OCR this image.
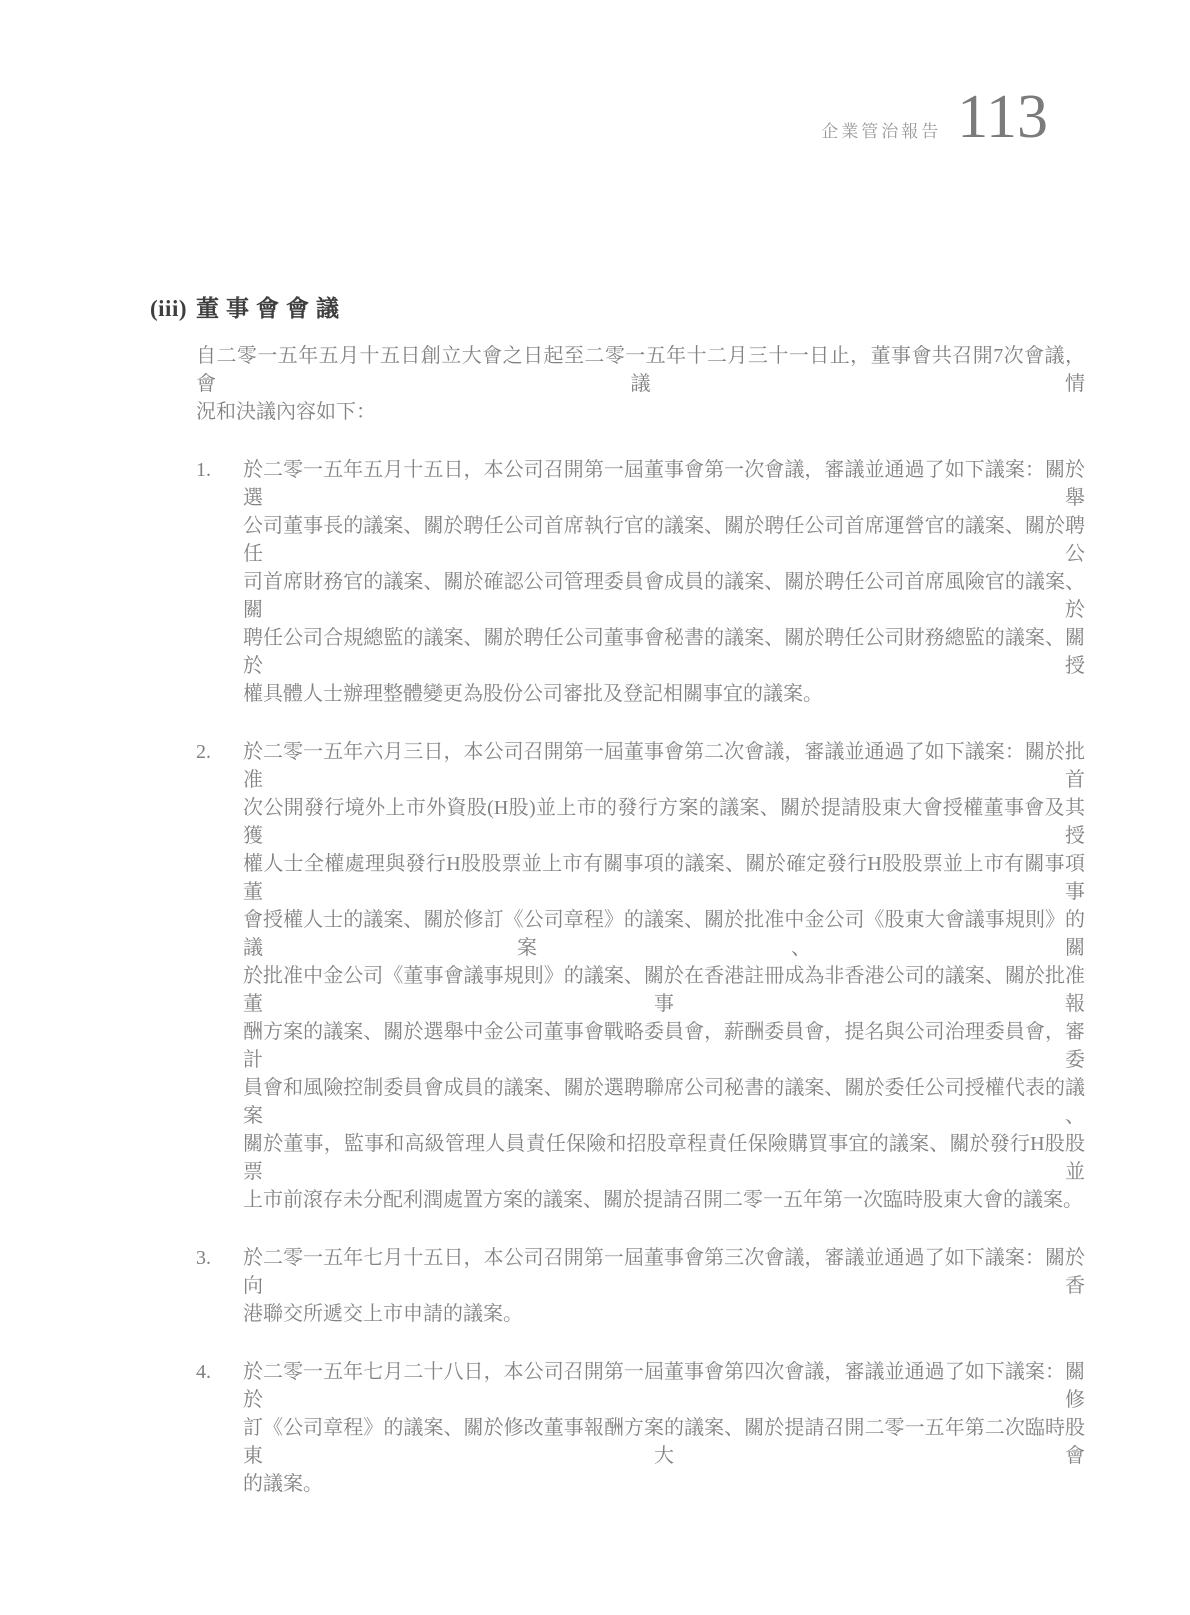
企業管治報告 113
(iii) 董事會會議
自二零一五年五月十五日創立大會之日起至二零一五年十二月三十一日止，董事會共召開7次會議，會議情
況和決議內容如下：
1.	於二零一五年五月十五日，本公司召開第一屆董事會第一次會議，審議並通過了如下議案：關於選舉
公司董事長的議案、關於聘任公司首席執行官的議案、關於聘任公司首席運營官的議案、關於聘任公
司首席財務官的議案、關於確認公司管理委員會成員的議案、關於聘任公司首席風險官的議案、關於
聘任公司合規總監的議案、關於聘任公司董事會秘書的議案、關於聘任公司財務總監的議案、關於授
權具體人士辦理整體變更為股份公司審批及登記相關事宜的議案。
2.	於二零一五年六月三日，本公司召開第一屆董事會第二次會議，審議並通過了如下議案：關於批准首
次公開發行境外上市外資股(H股)並上市的發行方案的議案、關於提請股東大會授權董事會及其獲授
權人士全權處理與發行H股股票並上市有關事項的議案、關於確定發行H股股票並上市有關事項董事
會授權人士的議案、關於修訂《公司章程》的議案、關於批准中金公司《股東大會議事規則》的議案、關
於批准中金公司《董事會議事規則》的議案、關於在香港註冊成為非香港公司的議案、關於批准董事報
酬方案的議案、關於選舉中金公司董事會戰略委員會，薪酬委員會，提名與公司治理委員會，審計委
員會和風險控制委員會成員的議案、關於選聘聯席公司秘書的議案、關於委任公司授權代表的議案、
關於董事，監事和高級管理人員責任保險和招股章程責任保險購買事宜的議案、關於發行H股股票並
上市前滾存未分配利潤處置方案的議案、關於提請召開二零一五年第一次臨時股東大會的議案。
3.	於二零一五年七月十五日，本公司召開第一屆董事會第三次會議，審議並通過了如下議案：關於向香
港聯交所遞交上市申請的議案。
4.	於二零一五年七月二十八日，本公司召開第一屆董事會第四次會議，審議並通過了如下議案：關於修
訂《公司章程》的議案、關於修改董事報酬方案的議案、關於提請召開二零一五年第二次臨時股東大會
的議案。
